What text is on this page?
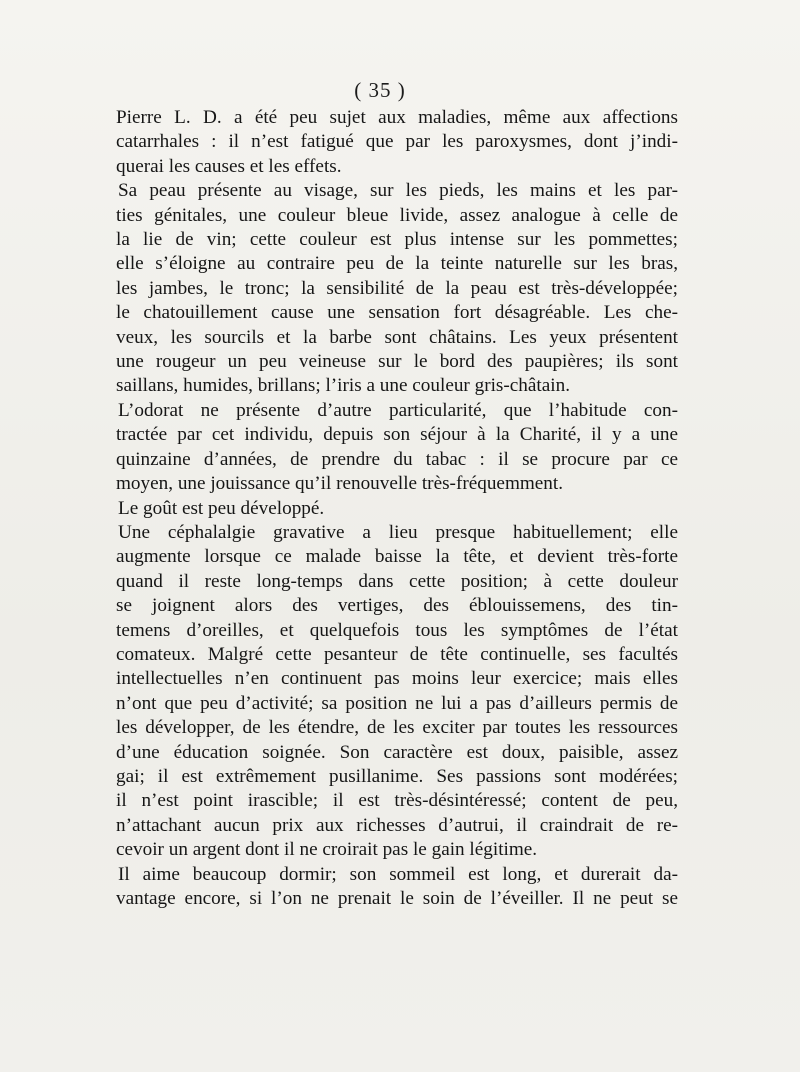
( 35 )
Pierre L. D. a été peu sujet aux maladies, même aux affections
catarrhales : il n’est fatigué que par les paroxysmes, dont j’indi-
querai les causes et les effets.
Sa peau présente au visage, sur les pieds, les mains et les par-
ties génitales, une couleur bleue livide, assez analogue à celle de
la lie de vin; cette couleur est plus intense sur les pommettes;
elle s’éloigne au contraire peu de la teinte naturelle sur les bras,
les jambes, le tronc; la sensibilité de la peau est très-développée;
le chatouillement cause une sensation fort désagréable. Les che-
veux, les sourcils et la barbe sont châtains. Les yeux présentent
une rougeur un peu veineuse sur le bord des paupières; ils sont
saillans, humides, brillans; l’iris a une couleur gris-châtain.
L’odorat ne présente d’autre particularité, que l’habitude con-
tractée par cet individu, depuis son séjour à la Charité, il y a une
quinzaine d’années, de prendre du tabac : il se procure par ce
moyen, une jouissance qu’il renouvelle très-fréquemment.
Le goût est peu développé.
Une céphalalgie gravative a lieu presque habituellement; elle
augmente lorsque ce malade baisse la tête, et devient très-forte
quand il reste long-temps dans cette position; à cette douleur
se joignent alors des vertiges, des éblouissemens, des tin-
temens d’oreilles, et quelquefois tous les symptômes de l’état
comateux. Malgré cette pesanteur de tête continuelle, ses facultés
intellectuelles n’en continuent pas moins leur exercice; mais elles
n’ont que peu d’activité; sa position ne lui a pas d’ailleurs permis de
les développer, de les étendre, de les exciter par toutes les ressources
d’une éducation soignée. Son caractère est doux, paisible, assez
gai; il est extrêmement pusillanime. Ses passions sont modérées;
il n’est point irascible; il est très-désintéressé; content de peu,
n’attachant aucun prix aux richesses d’autrui, il craindrait de re-
cevoir un argent dont il ne croirait pas le gain légitime.
Il aime beaucoup dormir; son sommeil est long, et durerait da-
vantage encore, si l’on ne prenait le soin de l’éveiller. Il ne peut se
